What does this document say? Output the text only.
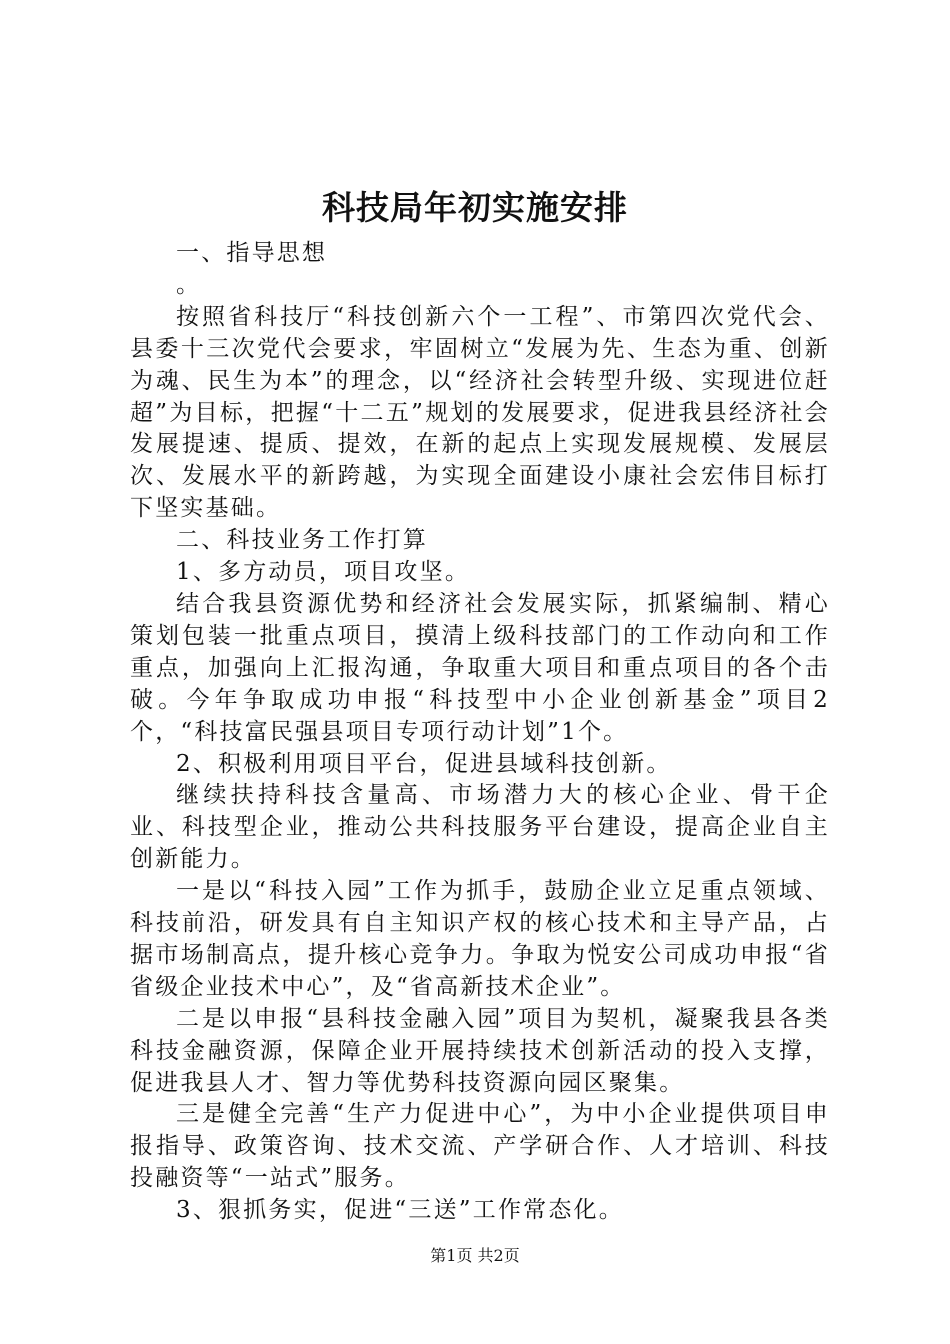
科技局年初实施安排

一、指导思想

。

按照省科技厅“科技创新六个一工程”、市第四次党代会、县委十三次党代会要求，牢固树立“发展为先、生态为重、创新为魂、民生为本”的理念，以“经济社会转型升级、实现进位赶超”为目标，把握“十二五”规划的发展要求，促进我县经济社会发展提速、提质、提效，在新的起点上实现发展规模、发展层次、发展水平的新跨越，为实现全面建设小康社会宏伟目标打下坚实基础。

二、科技业务工作打算

1、多方动员，项目攻坚。

结合我县资源优势和经济社会发展实际，抓紧编制、精心策划包装一批重点项目，摸清上级科技部门的工作动向和工作重点，加强向上汇报沟通，争取重大项目和重点项目的各个击破。今年争取成功申报“科技型中小企业创新基金”项目2个，“科技富民强县项目专项行动计划”1个。

2、积极利用项目平台，促进县域科技创新。

继续扶持科技含量高、市场潜力大的核心企业、骨干企业、科技型企业，推动公共科技服务平台建设，提高企业自主创新能力。

一是以“科技入园”工作为抓手，鼓励企业立足重点领域、科技前沿，研发具有自主知识产权的核心技术和主导产品，占据市场制高点，提升核心竞争力。争取为悦安公司成功申报“省省级企业技术中心”，及“省高新技术企业”。

二是以申报“县科技金融入园”项目为契机，凝聚我县各类科技金融资源，保障企业开展持续技术创新活动的投入支撑，促进我县人才、智力等优势科技资源向园区聚集。

三是健全完善“生产力促进中心”，为中小企业提供项目申报指导、政策咨询、技术交流、产学研合作、人才培训、科技投融资等“一站式”服务。

3、狠抓务实，促进“三送”工作常态化。

第1页 共2页
